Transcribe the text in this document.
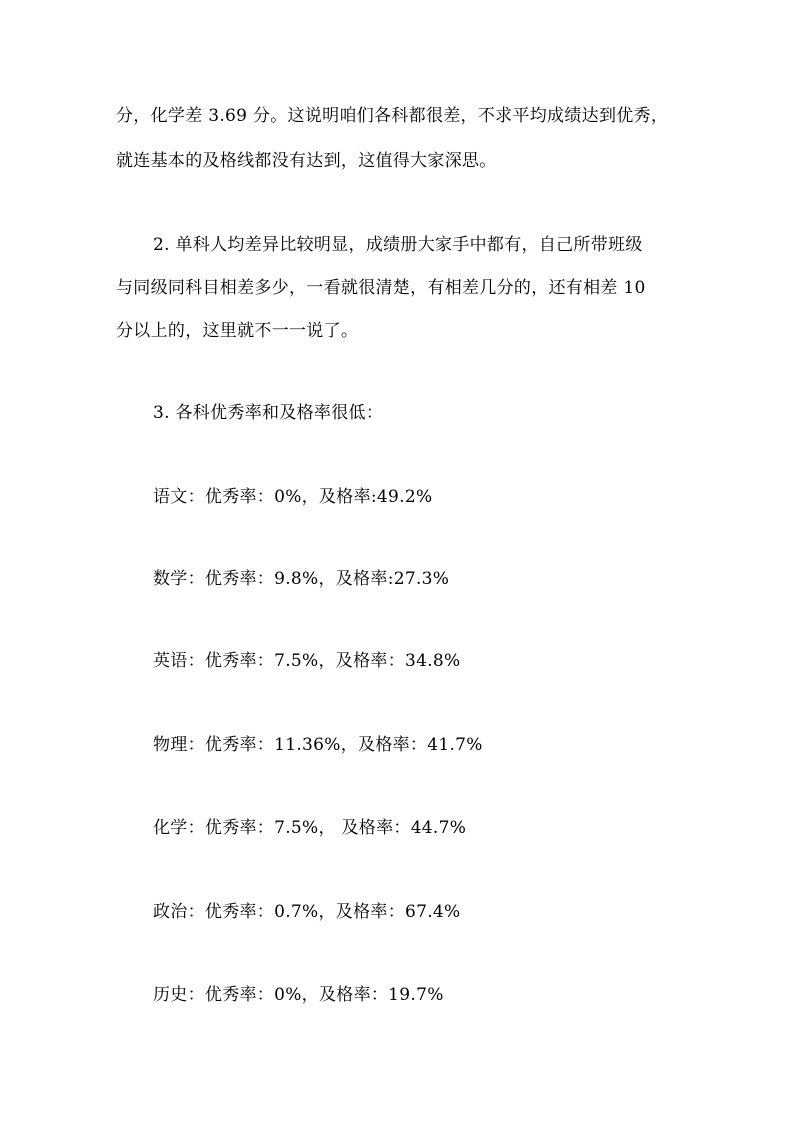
分，化学差 3.69 分。这说明咱们各科都很差，不求平均成绩达到优秀，
就连基本的及格线都没有达到，这值得大家深思。
2. 单科人均差异比较明显，成绩册大家手中都有，自己所带班级
与同级同科目相差多少，一看就很清楚，有相差几分的，还有相差 10
分以上的，这里就不一一说了。
3. 各科优秀率和及格率很低：
语文：优秀率：0%，及格率:49.2%
数学：优秀率：9.8%，及格率:27.3%
英语：优秀率：7.5%，及格率：34.8%
物理：优秀率：11.36%，及格率：41.7%
化学：优秀率：7.5%， 及格率：44.7%
政治：优秀率：0.7%，及格率：67.4%
历史：优秀率：0%，及格率：19.7%
